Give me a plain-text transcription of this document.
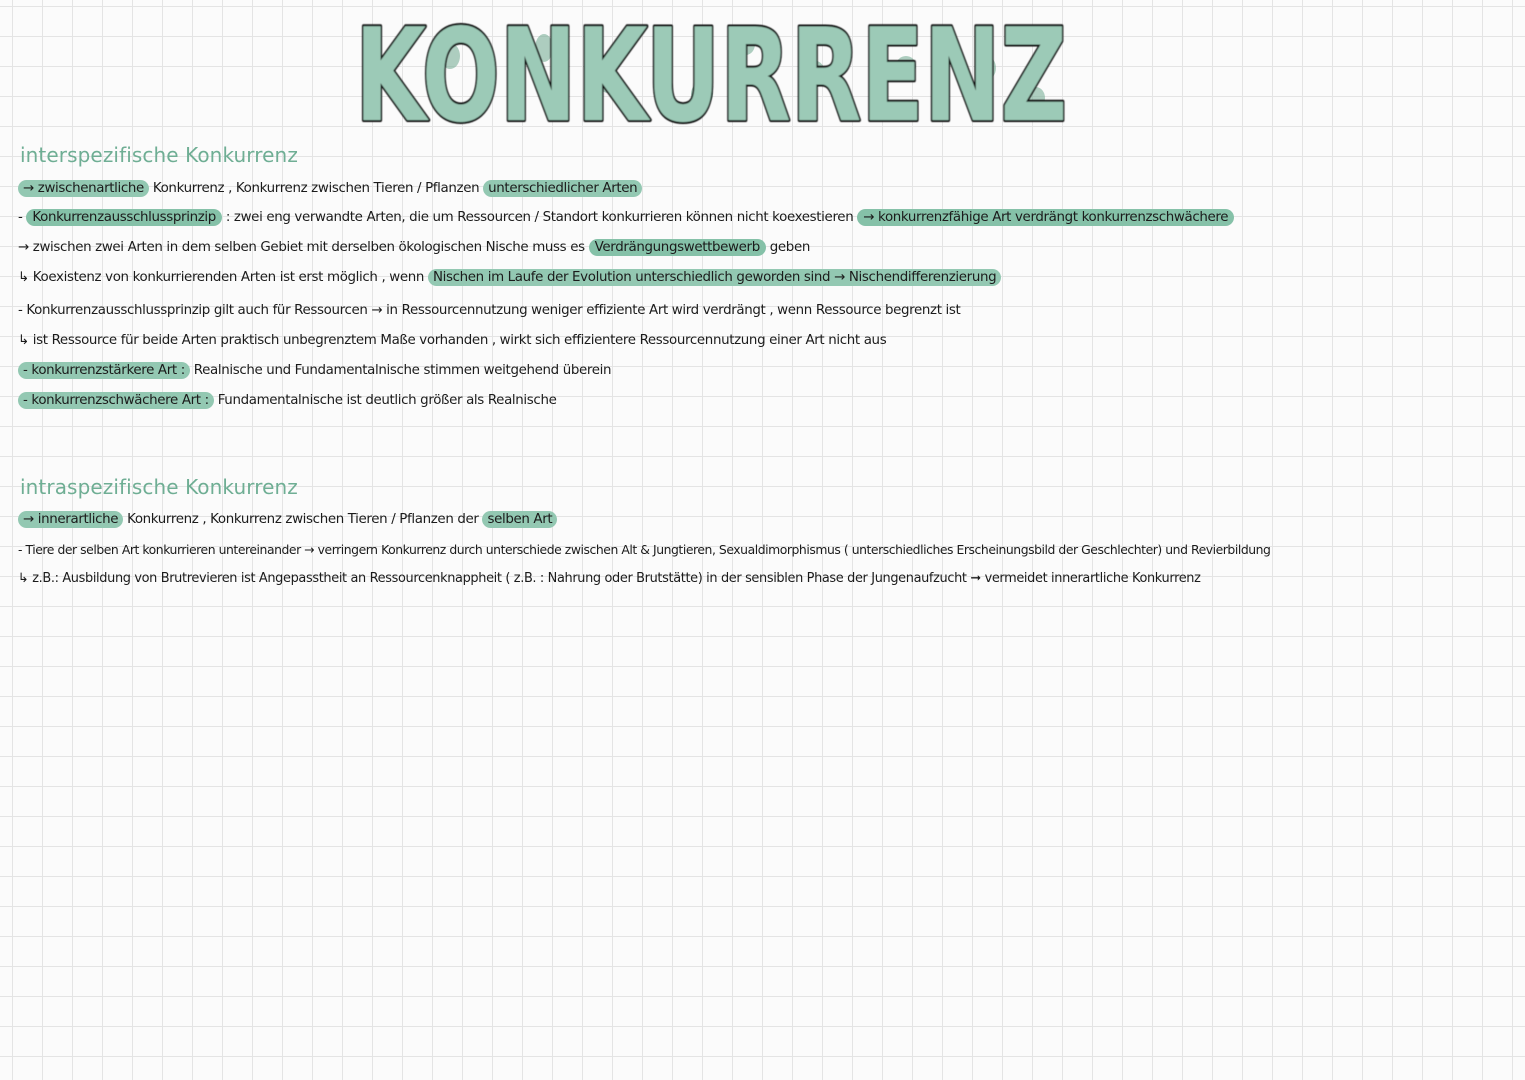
KONKURRENZ
interspezifische Konkurrenz
→ zwischenartliche Konkurrenz , Konkurrenz zwischen Tieren / Pflanzen unterschiedlicher Arten
- Konkurrenzausschlussprinzip : zwei eng verwandte Arten, die um Ressourcen / Standort konkurrieren können nicht koexestieren → konkurrenzfähige Art verdrängt konkurrenzschwächere
→ zwischen zwei Arten in dem selben Gebiet mit derselben ökologischen Nische muss es Verdrängungswettbewerb geben
↳ Koexistenz von konkurrierenden Arten ist erst möglich , wenn Nischen im Laufe der Evolution unterschiedlich geworden sind → Nischendifferenzierung
- Konkurrenzausschlussprinzip gilt auch für Ressourcen → in Ressourcennutzung weniger effiziente Art wird verdrängt , wenn Ressource begrenzt ist
↳ ist Ressource für beide Arten praktisch unbegrenztem Maße vorhanden , wirkt sich effizientere Ressourcennutzung einer Art nicht aus
- konkurrenzstärkere Art : Realnische und Fundamentalnische stimmen weitgehend überein
- konkurrenzschwächere Art : Fundamentalnische ist deutlich größer als Realnische
intraspezifische Konkurrenz
→ innerartliche Konkurrenz , Konkurrenz zwischen Tieren / Pflanzen der selben Art
- Tiere der selben Art konkurrieren untereinander → verringern Konkurrenz durch unterschiede zwischen Alt & Jungtieren, Sexualdimorphismus ( unterschiedliches Erscheinungsbild der Geschlechter) und Revierbildung
↳ z.B.: Ausbildung von Brutrevieren ist Angepasstheit an Ressourcenknappheit ( z.B. : Nahrung oder Brutstätte) in der sensiblen Phase der Jungenaufzucht ➞ vermeidet innerartliche Konkurrenz
